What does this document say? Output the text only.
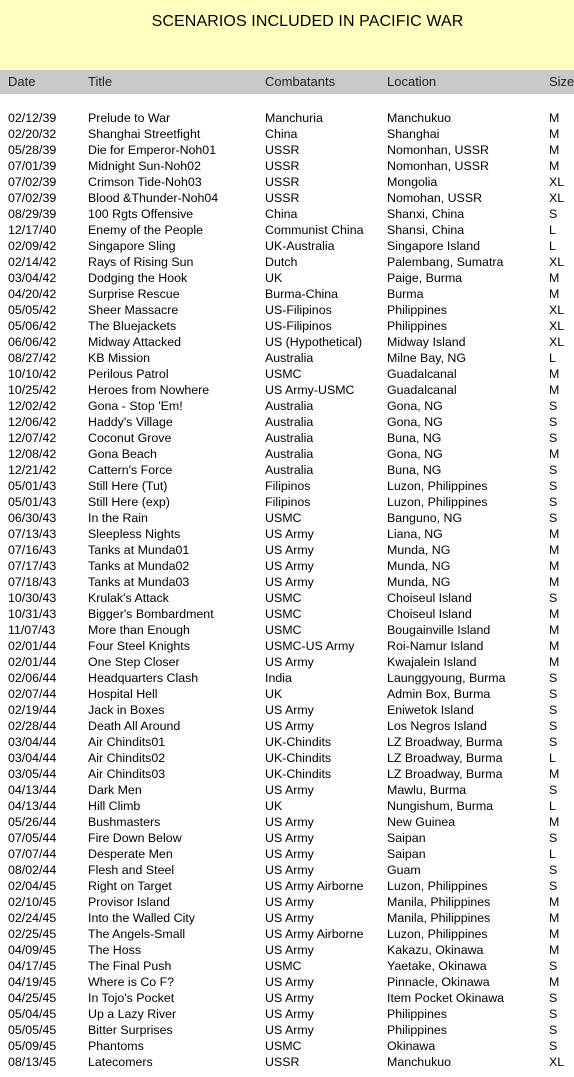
SCENARIOS INCLUDED IN PACIFIC WAR
Date	Title	Combatants	Location	Size
02/12/39	Prelude to War	Manchuria	Manchukuo	M
02/20/32	Shanghai Streetfight	China	Shanghai	M
05/28/39	Die for Emperor-Noh01	USSR	Nomonhan, USSR	M
07/01/39	Midnight Sun-Noh02	USSR	Nomonhan, USSR	M
07/02/39	Crimson Tide-Noh03	USSR	Mongolia	XL
07/02/39	Blood &Thunder-Noh04	USSR	Nomohan, USSR	XL
08/29/39	100 Rgts Offensive	China	Shanxi, China	S
12/17/40	Enemy of the People	Communist China	Shansi, China	L
02/09/42	Singapore Sling	UK-Australia	Singapore Island	L
02/14/42	Rays of Rising Sun	Dutch	Palembang, Sumatra	XL
03/04/42	Dodging the Hook	UK	Paige, Burma	M
04/20/42	Surprise Rescue	Burma-China	Burma	M
05/05/42	Sheer Massacre	US-Filipinos	Philippines	XL
05/06/42	The Bluejackets	US-Filipinos	Philippines	XL
06/06/42	Midway Attacked	US (Hypothetical)	Midway Island	XL
08/27/42	KB Mission	Australia	Milne Bay, NG	L
10/10/42	Perilous Patrol	USMC	Guadalcanal	M
10/25/42	Heroes from Nowhere	US Army-USMC	Guadalcanal	M
12/02/42	Gona - Stop 'Em!	Australia	Gona, NG	S
12/06/42	Haddy's Village	Australia	Gona, NG	S
12/07/42	Coconut Grove	Australia	Buna, NG	S
12/08/42	Gona Beach	Australia	Gona, NG	M
12/21/42	Cattern's Force	Australia	Buna, NG	S
05/01/43	Still Here (Tut)	Filipinos	Luzon, Philippines	S
05/01/43	Still Here (exp)	Filipinos	Luzon, Philippines	S
06/30/43	In the Rain	USMC	Banguno, NG	S
07/13/43	Sleepless Nights	US Army	Liana, NG	M
07/16/43	Tanks at Munda01	US Army	Munda, NG	M
07/17/43	Tanks at Munda02	US Army	Munda, NG	M
07/18/43	Tanks at Munda03	US Army	Munda, NG	M
10/30/43	Krulak's Attack	USMC	Choiseul Island	S
10/31/43	Bigger's Bombardment	USMC	Choiseul Island	M
11/07/43	More than Enough	USMC	Bougainville Island	M
02/01/44	Four Steel Knights	USMC-US Army	Roi-Namur Island	M
02/01/44	One Step Closer	US Army	Kwajalein Island	M
02/06/44	Headquarters Clash	India	Launggyoung, Burma	S
02/07/44	Hospital Hell	UK	Admin Box, Burma	S
02/19/44	Jack in Boxes	US Army	Eniwetok Island	S
02/28/44	Death All Around	US Army	Los Negros Island	S
03/04/44	Air Chindits01	UK-Chindits	LZ Broadway, Burma	S
03/04/44	Air Chindits02	UK-Chindits	LZ Broadway, Burma	L
03/05/44	Air Chindits03	UK-Chindits	LZ Broadway, Burma	M
04/13/44	Dark Men	US Army	Mawlu, Burma	S
04/13/44	Hill Climb	UK	Nungishum, Burma	L
05/26/44	Bushmasters	US Army	New Guinea	M
07/05/44	Fire Down Below	US Army	Saipan	S
07/07/44	Desperate Men	US Army	Saipan	L
08/02/44	Flesh and Steel	US Army	Guam	S
02/04/45	Right on Target	US Army Airborne	Luzon, Philippines	S
02/10/45	Provisor Island	US Army	Manila, Philippines	M
02/24/45	Into the Walled City	US Army	Manila, Philippines	M
02/25/45	The Angels-Small	US Army Airborne	Luzon, Philippines	M
04/09/45	The Hoss	US Army	Kakazu, Okinawa	M
04/17/45	The Final Push	USMC	Yaetake, Okinawa	S
04/19/45	Where is Co F?	US Army	Pinnacle, Okinawa	M
04/25/45	In Tojo's Pocket	US Army	Item Pocket Okinawa	S
05/04/45	Up a Lazy River	US Army	Philippines	S
05/05/45	Bitter Surprises	US Army	Philippines	S
05/09/45	Phantoms	USMC	Okinawa	S
08/13/45	Latecomers	USSR	Manchukuo	XL
